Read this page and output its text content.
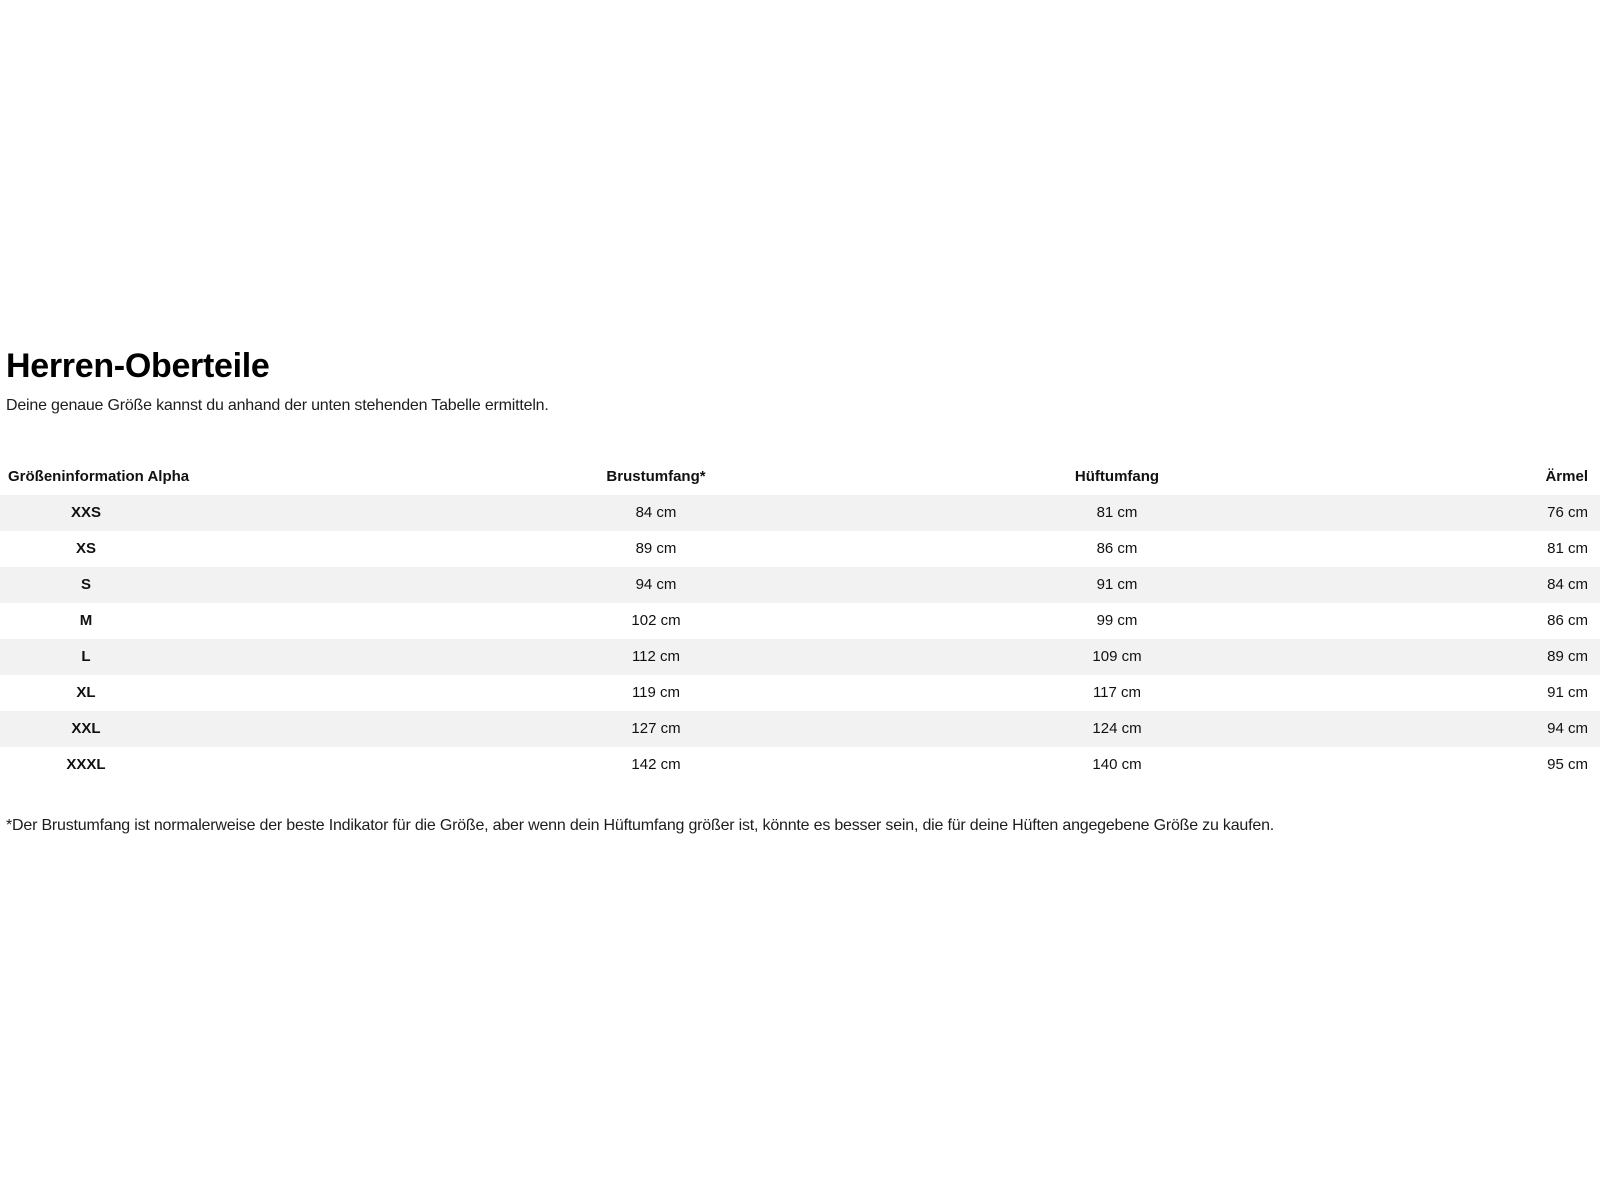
Herren-Oberteile

Deine genaue Größe kannst du anhand der unten stehenden Tabelle ermitteln.

Größeninformation Alpha	Brustumfang*	Hüftumfang	Ärmel
XXS	84 cm	81 cm	76 cm
XS	89 cm	86 cm	81 cm
S	94 cm	91 cm	84 cm
M	102 cm	99 cm	86 cm
L	112 cm	109 cm	89 cm
XL	119 cm	117 cm	91 cm
XXL	127 cm	124 cm	94 cm
XXXL	142 cm	140 cm	95 cm

*Der Brustumfang ist normalerweise der beste Indikator für die Größe, aber wenn dein Hüftumfang größer ist, könnte es besser sein, die für deine Hüften angegebene Größe zu kaufen.
